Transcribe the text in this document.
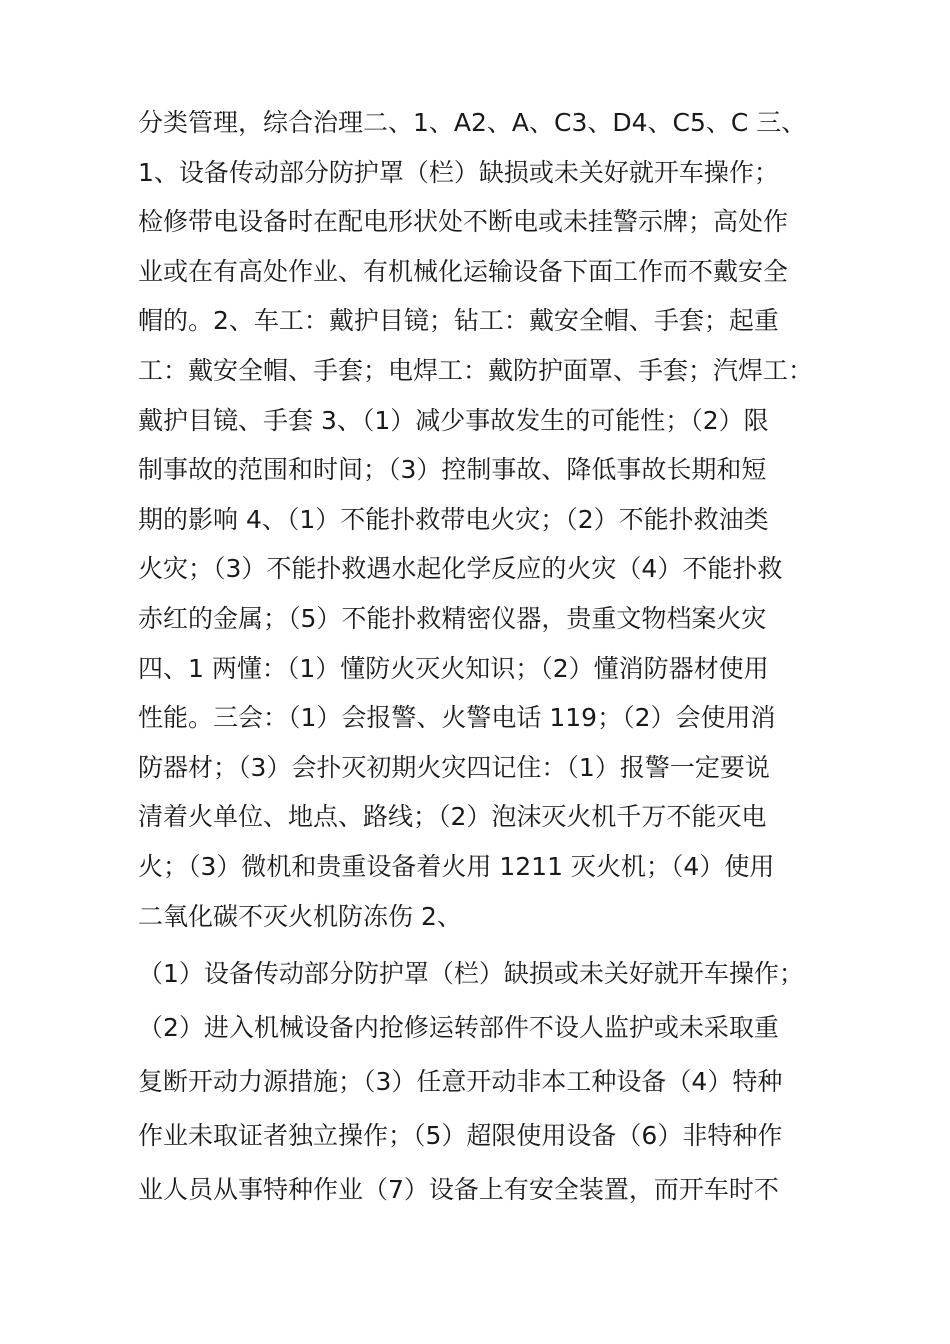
分类管理，综合治理二、1、A2、A、C3、D4、C5、C 三、
1、设备传动部分防护罩（栏）缺损或未关好就开车操作；
检修带电设备时在配电形状处不断电或未挂警示牌；高处作
业或在有高处作业、有机械化运输设备下面工作而不戴安全
帽的。2、车工：戴护目镜；钻工：戴安全帽、手套；起重
工：戴安全帽、手套；电焊工：戴防护面罩、手套；汽焊工：
戴护目镜、手套 3、（1）减少事故发生的可能性；（2）限
制事故的范围和时间；（3）控制事故、降低事故长期和短
期的影响 4、（1）不能扑救带电火灾；（2）不能扑救油类
火灾；（3）不能扑救遇水起化学反应的火灾（4）不能扑救
赤红的金属；（5）不能扑救精密仪器，贵重文物档案火灾
四、1 两懂：（1）懂防火灭火知识；（2）懂消防器材使用
性能。三会：（1）会报警、火警电话 119；（2）会使用消
防器材；（3）会扑灭初期火灾四记住：（1）报警一定要说
清着火单位、地点、路线；（2）泡沫灭火机千万不能灭电
火；（3）微机和贵重设备着火用 1211 灭火机；（4）使用
二氧化碳不灭火机防冻伤 2、
（1）设备传动部分防护罩（栏）缺损或未关好就开车操作；
（2）进入机械设备内抢修运转部件不设人监护或未采取重
复断开动力源措施；（3）任意开动非本工种设备（4）特种
作业未取证者独立操作；（5）超限使用设备（6）非特种作
业人员从事特种作业（7）设备上有安全装置，而开车时不
